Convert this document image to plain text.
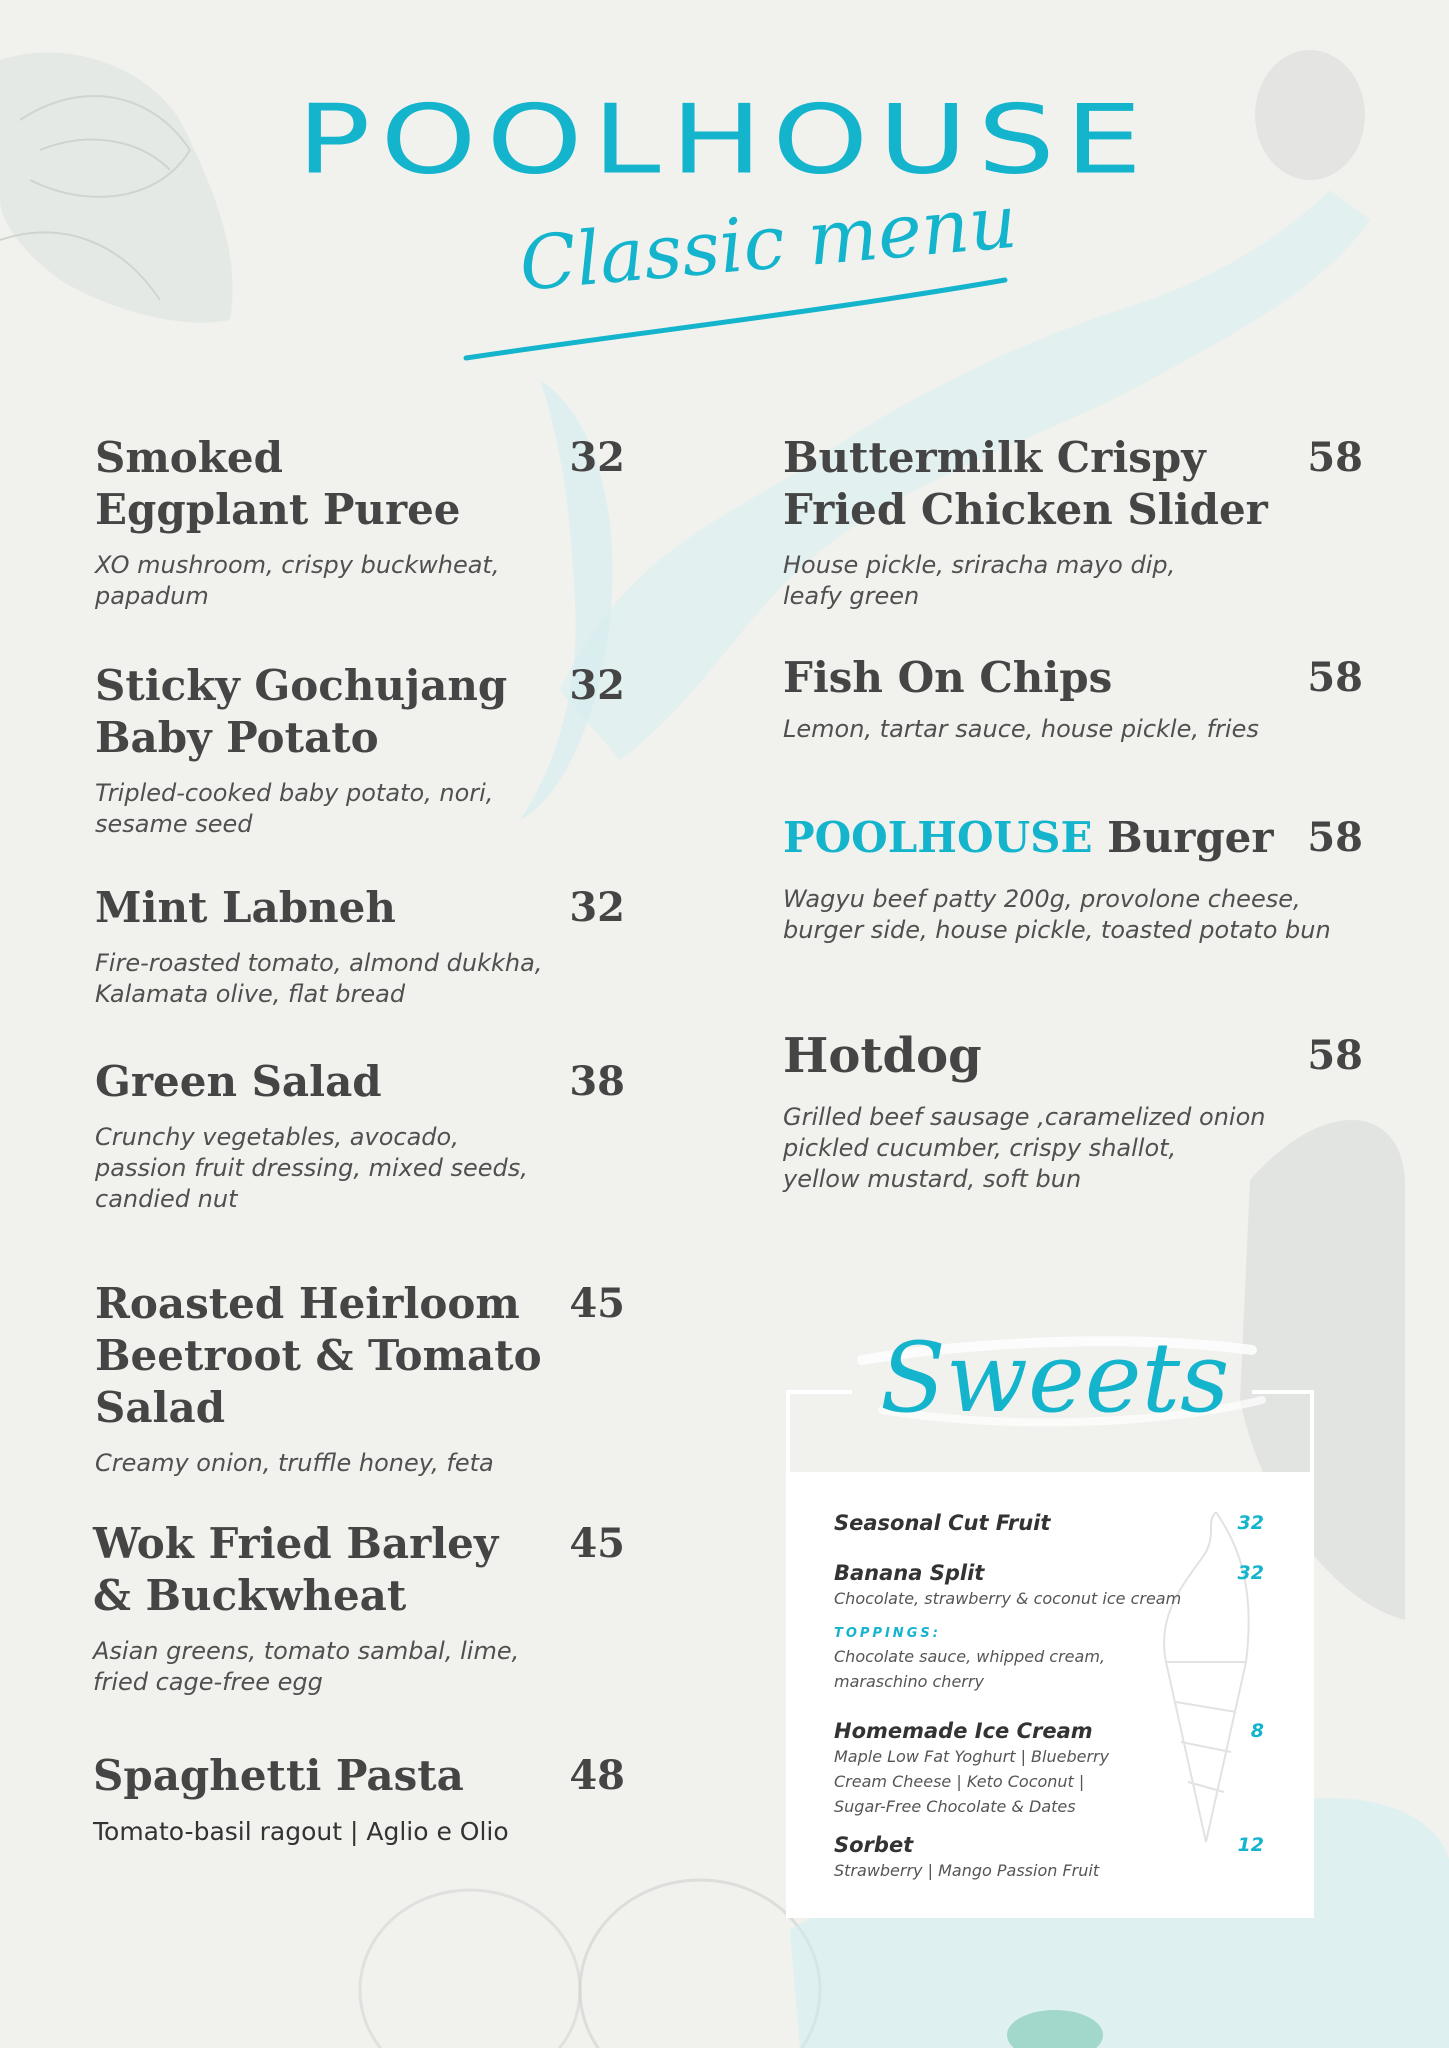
POOLHOUSE
Classic menu
Smoked
Eggplant Puree
32
XO mushroom, crispy buckwheat,
papadum
Sticky Gochujang
Baby Potato
32
Tripled-cooked baby potato, nori,
sesame seed
Mint Labneh	32
Fire-roasted tomato, almond dukkha,
Kalamata olive, flat bread
Green Salad	38
Crunchy vegetables, avocado,
passion fruit dressing, mixed seeds,
candied nut
Roasted Heirloom
Beetroot & Tomato
Salad
45
Creamy onion, truffle honey, feta
Wok Fried Barley
& Buckwheat
45
Asian greens, tomato sambal, lime,
fried cage-free egg
Spaghetti Pasta	48
Tomato-basil ragout | Aglio e Olio
Buttermilk Crispy
Fried Chicken Slider
58
House pickle, sriracha mayo dip,
leafy green
Fish On Chips	58
Lemon, tartar sauce, house pickle, fries
POOLHOUSE Burger 58
Wagyu beef patty 200g, provolone cheese,
burger side, house pickle, toasted potato bun
Hotdog	58
Grilled beef sausage ,caramelized onion
pickled cucumber, crispy shallot,
yellow mustard, soft bun
Sweets
Seasonal Cut Fruit	32
Banana Split	32
Chocolate, strawberry & coconut ice cream
TOPPINGS:
Chocolate sauce, whipped cream,
maraschino cherry
Homemade Ice Cream	8
Maple Low Fat Yoghurt | Blueberry
Cream Cheese | Keto Coconut |
Sugar-Free Chocolate & Dates
Sorbet	12
Strawberry | Mango Passion Fruit
